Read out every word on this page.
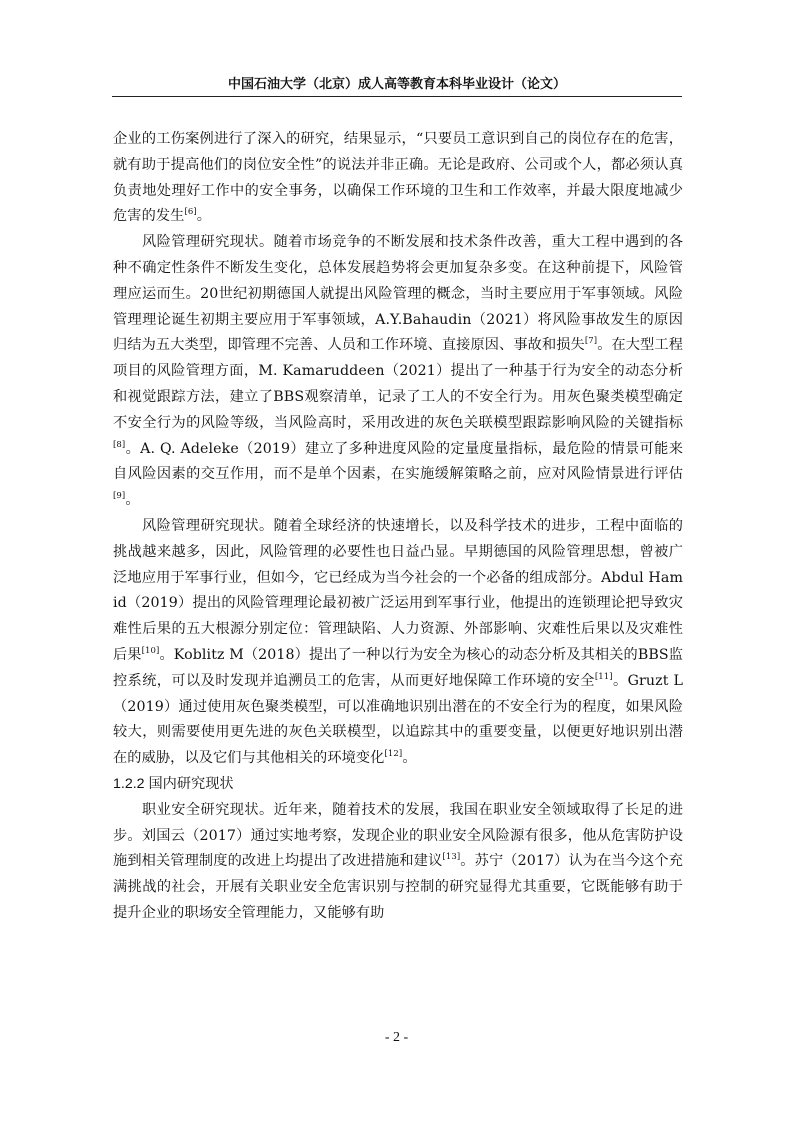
中国石油大学（北京）成人高等教育本科毕业设计（论文）

企业的工伤案例进行了深入的研究，结果显示，“只要员工意识到自己的岗位存在的危害，就有助于提高他们的岗位安全性”的说法并非正确。无论是政府、公司或个人，都必须认真负责地处理好工作中的安全事务，以确保工作环境的卫生和工作效率，并最大限度地减少危害的发生[6]。

风险管理研究现状。随着市场竞争的不断发展和技术条件改善，重大工程中遇到的各种不确定性条件不断发生变化，总体发展趋势将会更加复杂多变。在这种前提下，风险管理应运而生。20世纪初期德国人就提出风险管理的概念，当时主要应用于军事领域。风险管理理论诞生初期主要应用于军事领域，A.Y.Bahaudin（2021）将风险事故发生的原因归结为五大类型，即管理不完善、人员和工作环境、直接原因、事故和损失[7]。在大型工程项目的风险管理方面，M. Kamaruddeen（2021）提出了一种基于行为安全的动态分析和视觉跟踪方法，建立了BBS观察清单，记录了工人的不安全行为。用灰色聚类模型确定不安全行为的风险等级，当风险高时，采用改进的灰色关联模型跟踪影响风险的关键指标[8]。A. Q. Adeleke（2019）建立了多种进度风险的定量度量指标，最危险的情景可能来自风险因素的交互作用，而不是单个因素，在实施缓解策略之前，应对风险情景进行评估[9]。

风险管理研究现状。随着全球经济的快速增长，以及科学技术的进步，工程中面临的挑战越来越多，因此，风险管理的必要性也日益凸显。早期德国的风险管理思想，曾被广泛地应用于军事行业，但如今，它已经成为当今社会的一个必备的组成部分。Abdul Hamid（2019）提出的风险管理理论最初被广泛运用到军事行业，他提出的连锁理论把导致灾难性后果的五大根源分别定位：管理缺陷、人力资源、外部影响、灾难性后果以及灾难性后果[10]。Koblitz M（2018）提出了一种以行为安全为核心的动态分析及其相关的BBS监控系统，可以及时发现并追溯员工的危害，从而更好地保障工作环境的安全[11]。Gruzt L（2019）通过使用灰色聚类模型，可以准确地识别出潜在的不安全行为的程度，如果风险较大，则需要使用更先进的灰色关联模型，以追踪其中的重要变量，以便更好地识别出潜在的威胁，以及它们与其他相关的环境变化[12]。

1.2.2 国内研究现状

职业安全研究现状。近年来，随着技术的发展，我国在职业安全领域取得了长足的进步。刘国云（2017）通过实地考察，发现企业的职业安全风险源有很多，他从危害防护设施到相关管理制度的改进上均提出了改进措施和建议[13]。苏宁（2017）认为在当今这个充满挑战的社会，开展有关职业安全危害识别与控制的研究显得尤其重要，它既能够有助于提升企业的职场安全管理能力，又能够有助

- 2 -
